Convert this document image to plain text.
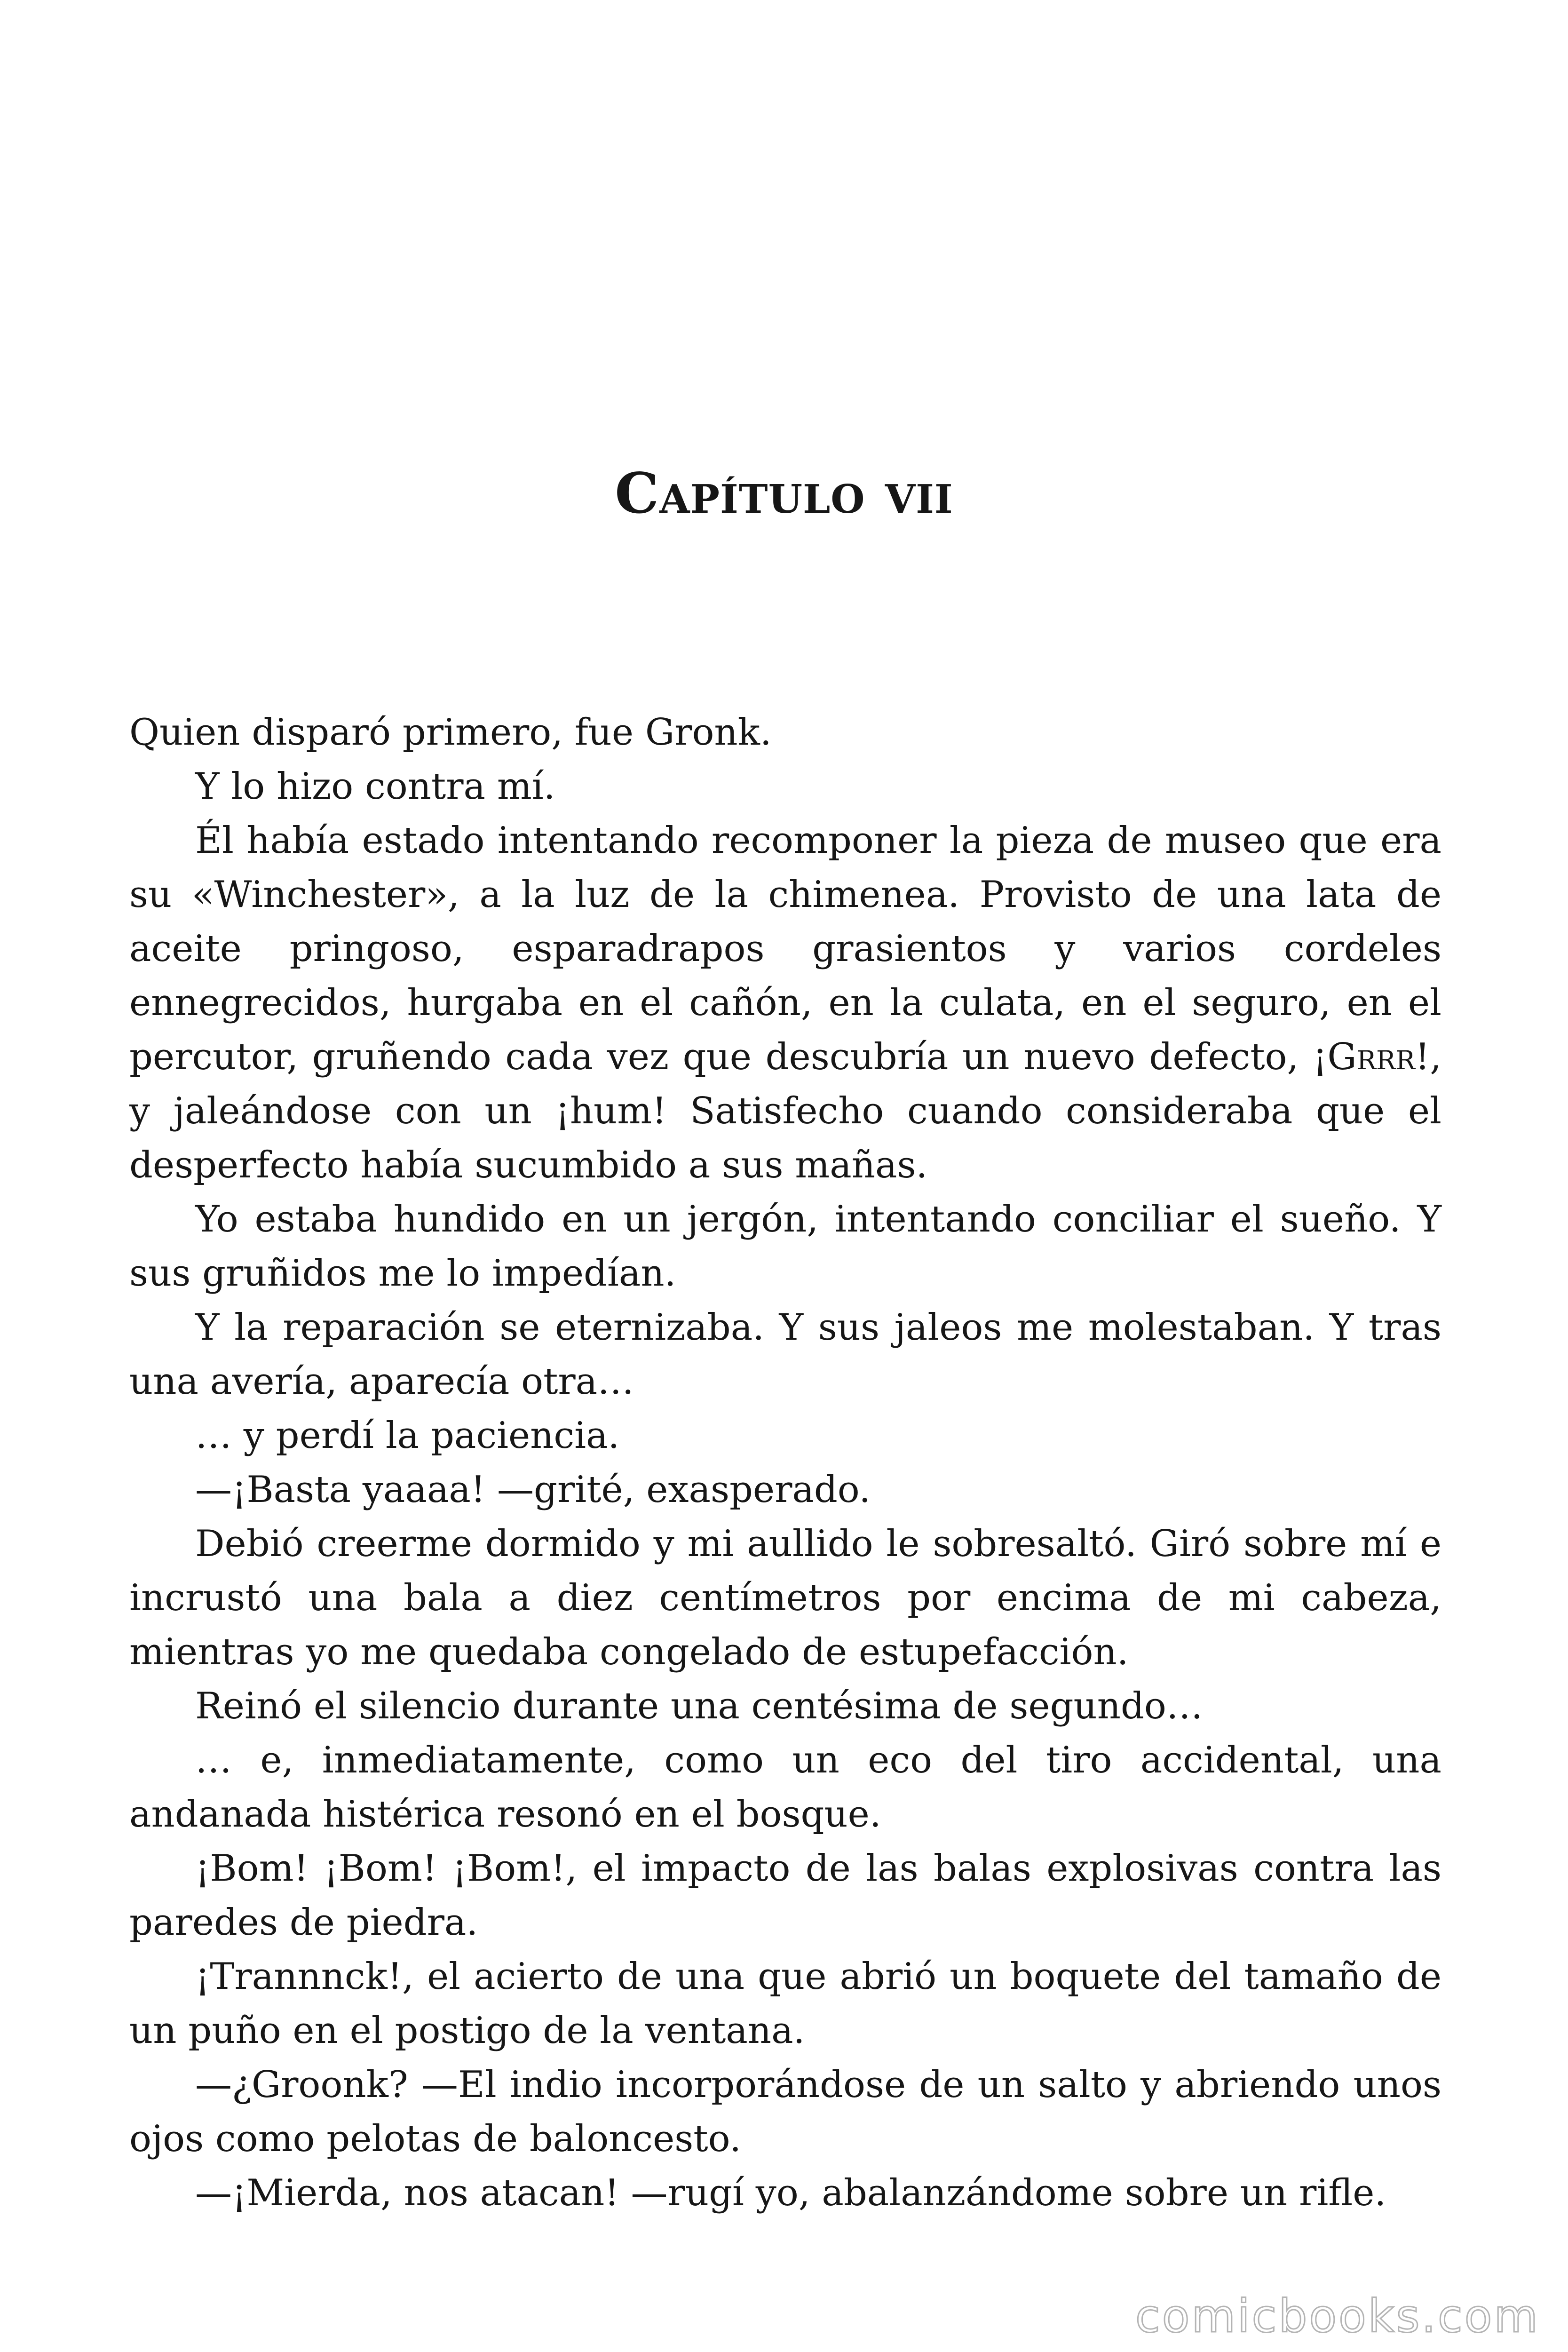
Capítulo vii

Quien disparó primero, fue Gronk.

Y lo hizo contra mí.

Él había estado intentando recomponer la pieza de museo que era su «Winchester», a la luz de la chimenea. Provisto de una lata de aceite pringoso, esparadrapos grasientos y varios cordeles ennegrecidos, hurgaba en el cañón, en la culata, en el seguro, en el percutor, gruñendo cada vez que descubría un nuevo defecto, ¡Grrr!, y jaleándose con un ¡hum! Satisfecho cuando consideraba que el desperfecto había sucumbido a sus mañas.

Yo estaba hundido en un jergón, intentando conciliar el sueño. Y sus gruñidos me lo impedían.

Y la reparación se eternizaba. Y sus jaleos me molestaban. Y tras una avería, aparecía otra…

… y perdí la paciencia.

—¡Basta yaaaa! —grité, exasperado.

Debió creerme dormido y mi aullido le sobresaltó. Giró sobre mí e incrustó una bala a diez centímetros por encima de mi cabeza, mientras yo me quedaba congelado de estupefacción.

Reinó el silencio durante una centésima de segundo…

… e, inmediatamente, como un eco del tiro accidental, una andanada histérica resonó en el bosque.

¡Bom! ¡Bom! ¡Bom!, el impacto de las balas explosivas contra las paredes de piedra.

¡Trannnck!, el acierto de una que abrió un boquete del tamaño de un puño en el postigo de la ventana.

—¿Groonk? —El indio incorporándose de un salto y abriendo unos ojos como pelotas de baloncesto.

—¡Mierda, nos atacan! —rugí yo, abalanzándome sobre un rifle.

comicbooks.com
